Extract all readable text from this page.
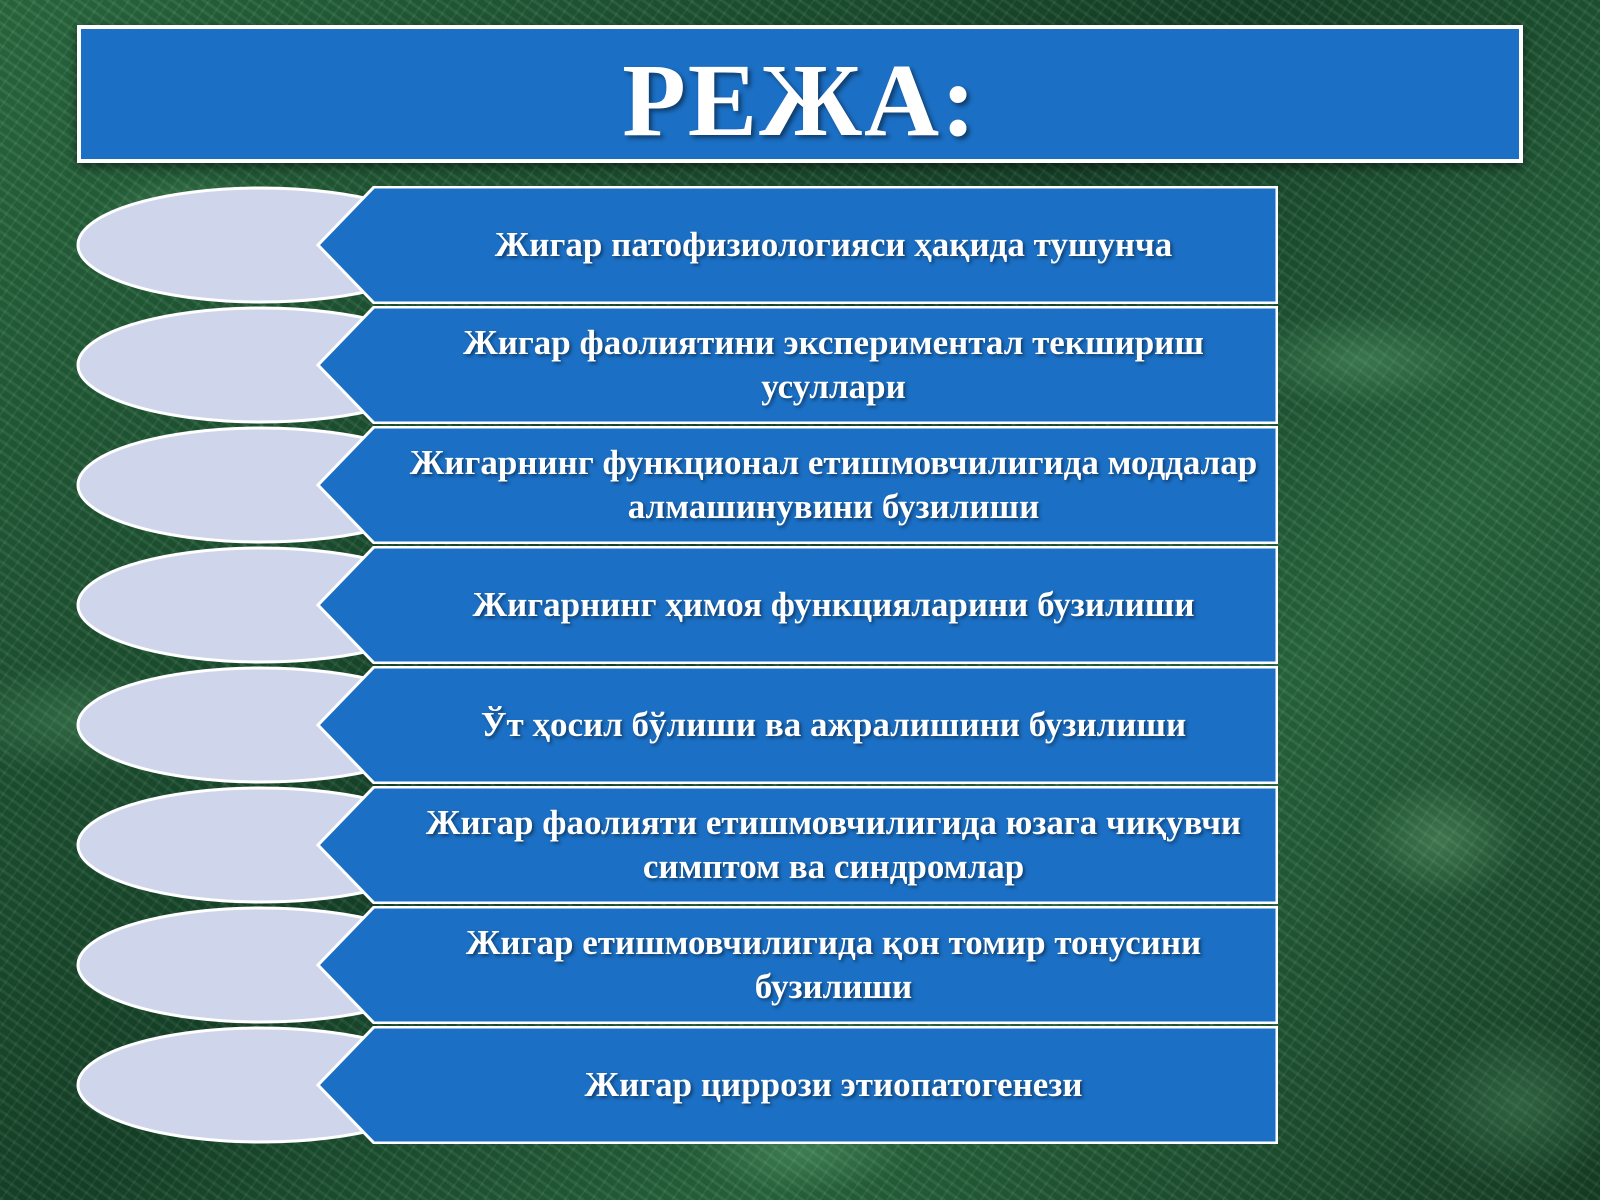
РЕЖА:
Жигар патофизиологияси ҳақида тушунча
Жигар фаолиятини экспериментал текшириш усуллари
Жигарнинг функционал етишмовчилигида моддалар алмашинувини бузилиши
Жигарнинг ҳимоя функцияларини бузилиши
Ўт ҳосил бўлиши ва ажралишини бузилиши
Жигар фаолияти етишмовчилигида юзага чиқувчи симптом ва синдромлар
Жигар етишмовчилигида қон томир тонусини бузилиши
Жигар циррози этиопатогенези
